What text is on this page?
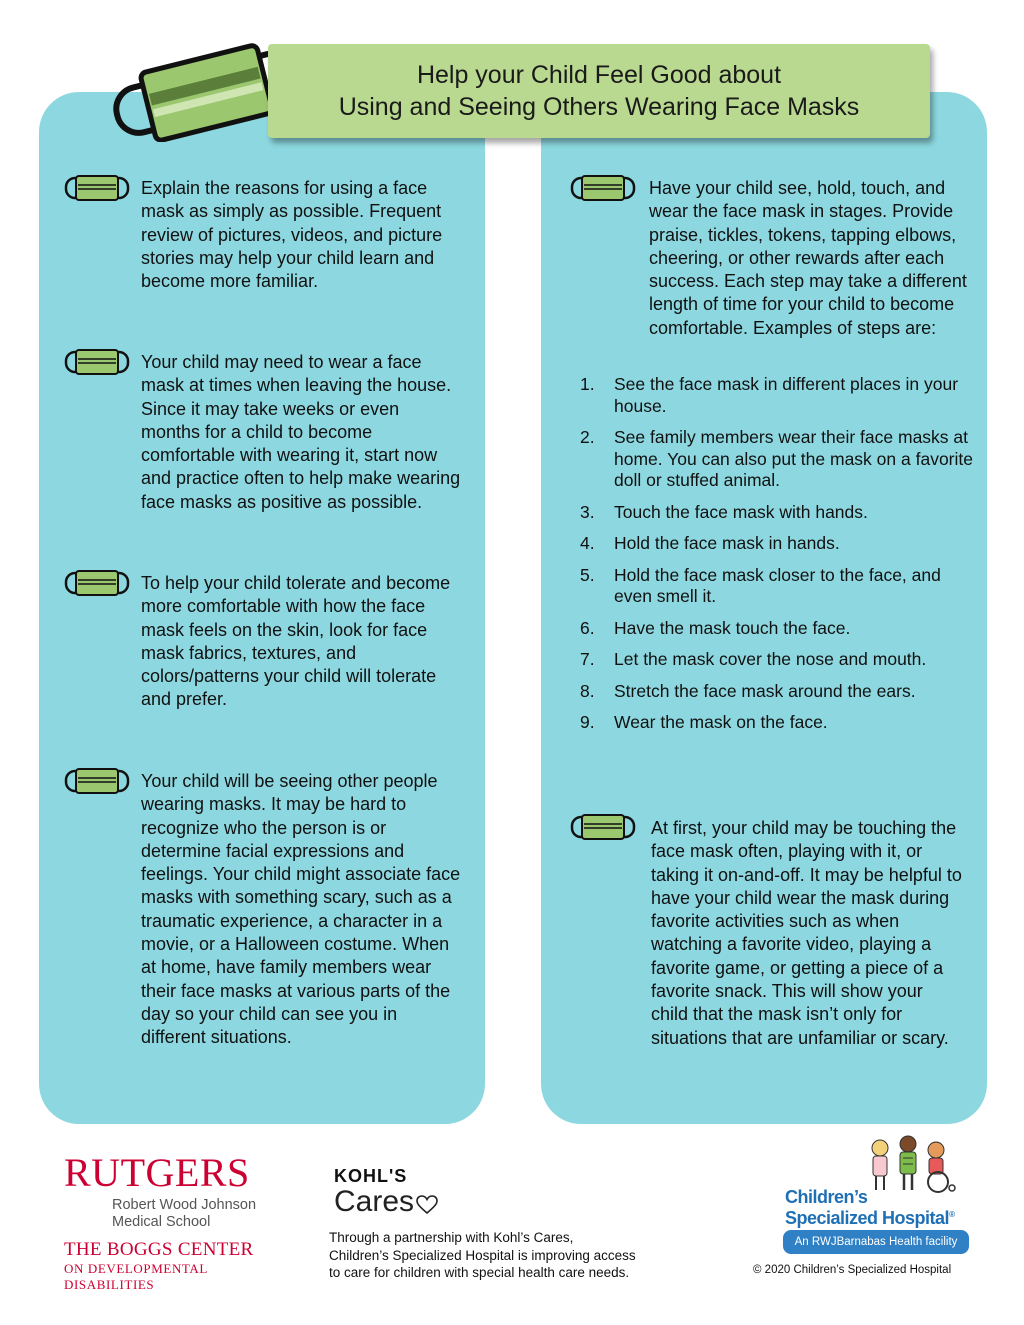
Help your Child Feel Good about
Using and Seeing Others Wearing Face Masks

Explain the reasons for using a face mask as simply as possible. Frequent review of pictures, videos, and picture stories may help your child learn and become more familiar.

Your child may need to wear a face mask at times when leaving the house. Since it may take weeks or even months for a child to become comfortable with wearing it, start now and practice often to help make wearing face masks as positive as possible.

To help your child tolerate and become more comfortable with how the face mask feels on the skin, look for face mask fabrics, textures, and colors/patterns your child will tolerate and prefer.

Your child will be seeing other people wearing masks. It may be hard to recognize who the person is or determine facial expressions and feelings. Your child might associate face masks with something scary, such as a traumatic experience, a character in a movie, or a Halloween costume. When at home, have family members wear their face masks at various parts of the day so your child can see you in different situations.

Have your child see, hold, touch, and wear the face mask in stages. Provide praise, tickles, tokens, tapping elbows, cheering, or other rewards after each success. Each step may take a different length of time for your child to become comfortable. Examples of steps are:

1.	See the face mask in different places in your house.
2.	See family members wear their face masks at home. You can also put the mask on a favorite doll or stuffed animal.
3.	Touch the face mask with hands.
4.	Hold the face mask in hands.
5.	Hold the face mask closer to the face, and even smell it.
6.	Have the mask touch the face.
7.	Let the mask cover the nose and mouth.
8.	Stretch the face mask around the ears.
9.	Wear the mask on the face.

At first, your child may be touching the face mask often, playing with it, or taking it on-and-off. It may be helpful to have your child wear the mask during favorite activities such as when watching a favorite video, playing a favorite game, or getting a piece of a favorite snack. This will show your child that the mask isn’t only for situations that are unfamiliar or scary.

RUTGERS
Robert Wood Johnson
Medical School
THE BOGGS CENTER
ON DEVELOPMENTAL DISABILITIES
KOHL'S
Cares
Through a partnership with Kohl’s Cares,
Children’s Specialized Hospital is improving access
to care for children with special health care needs.
Children’s
Specialized Hospital®
An RWJBarnabas Health facility
© 2020 Children’s Specialized Hospital
